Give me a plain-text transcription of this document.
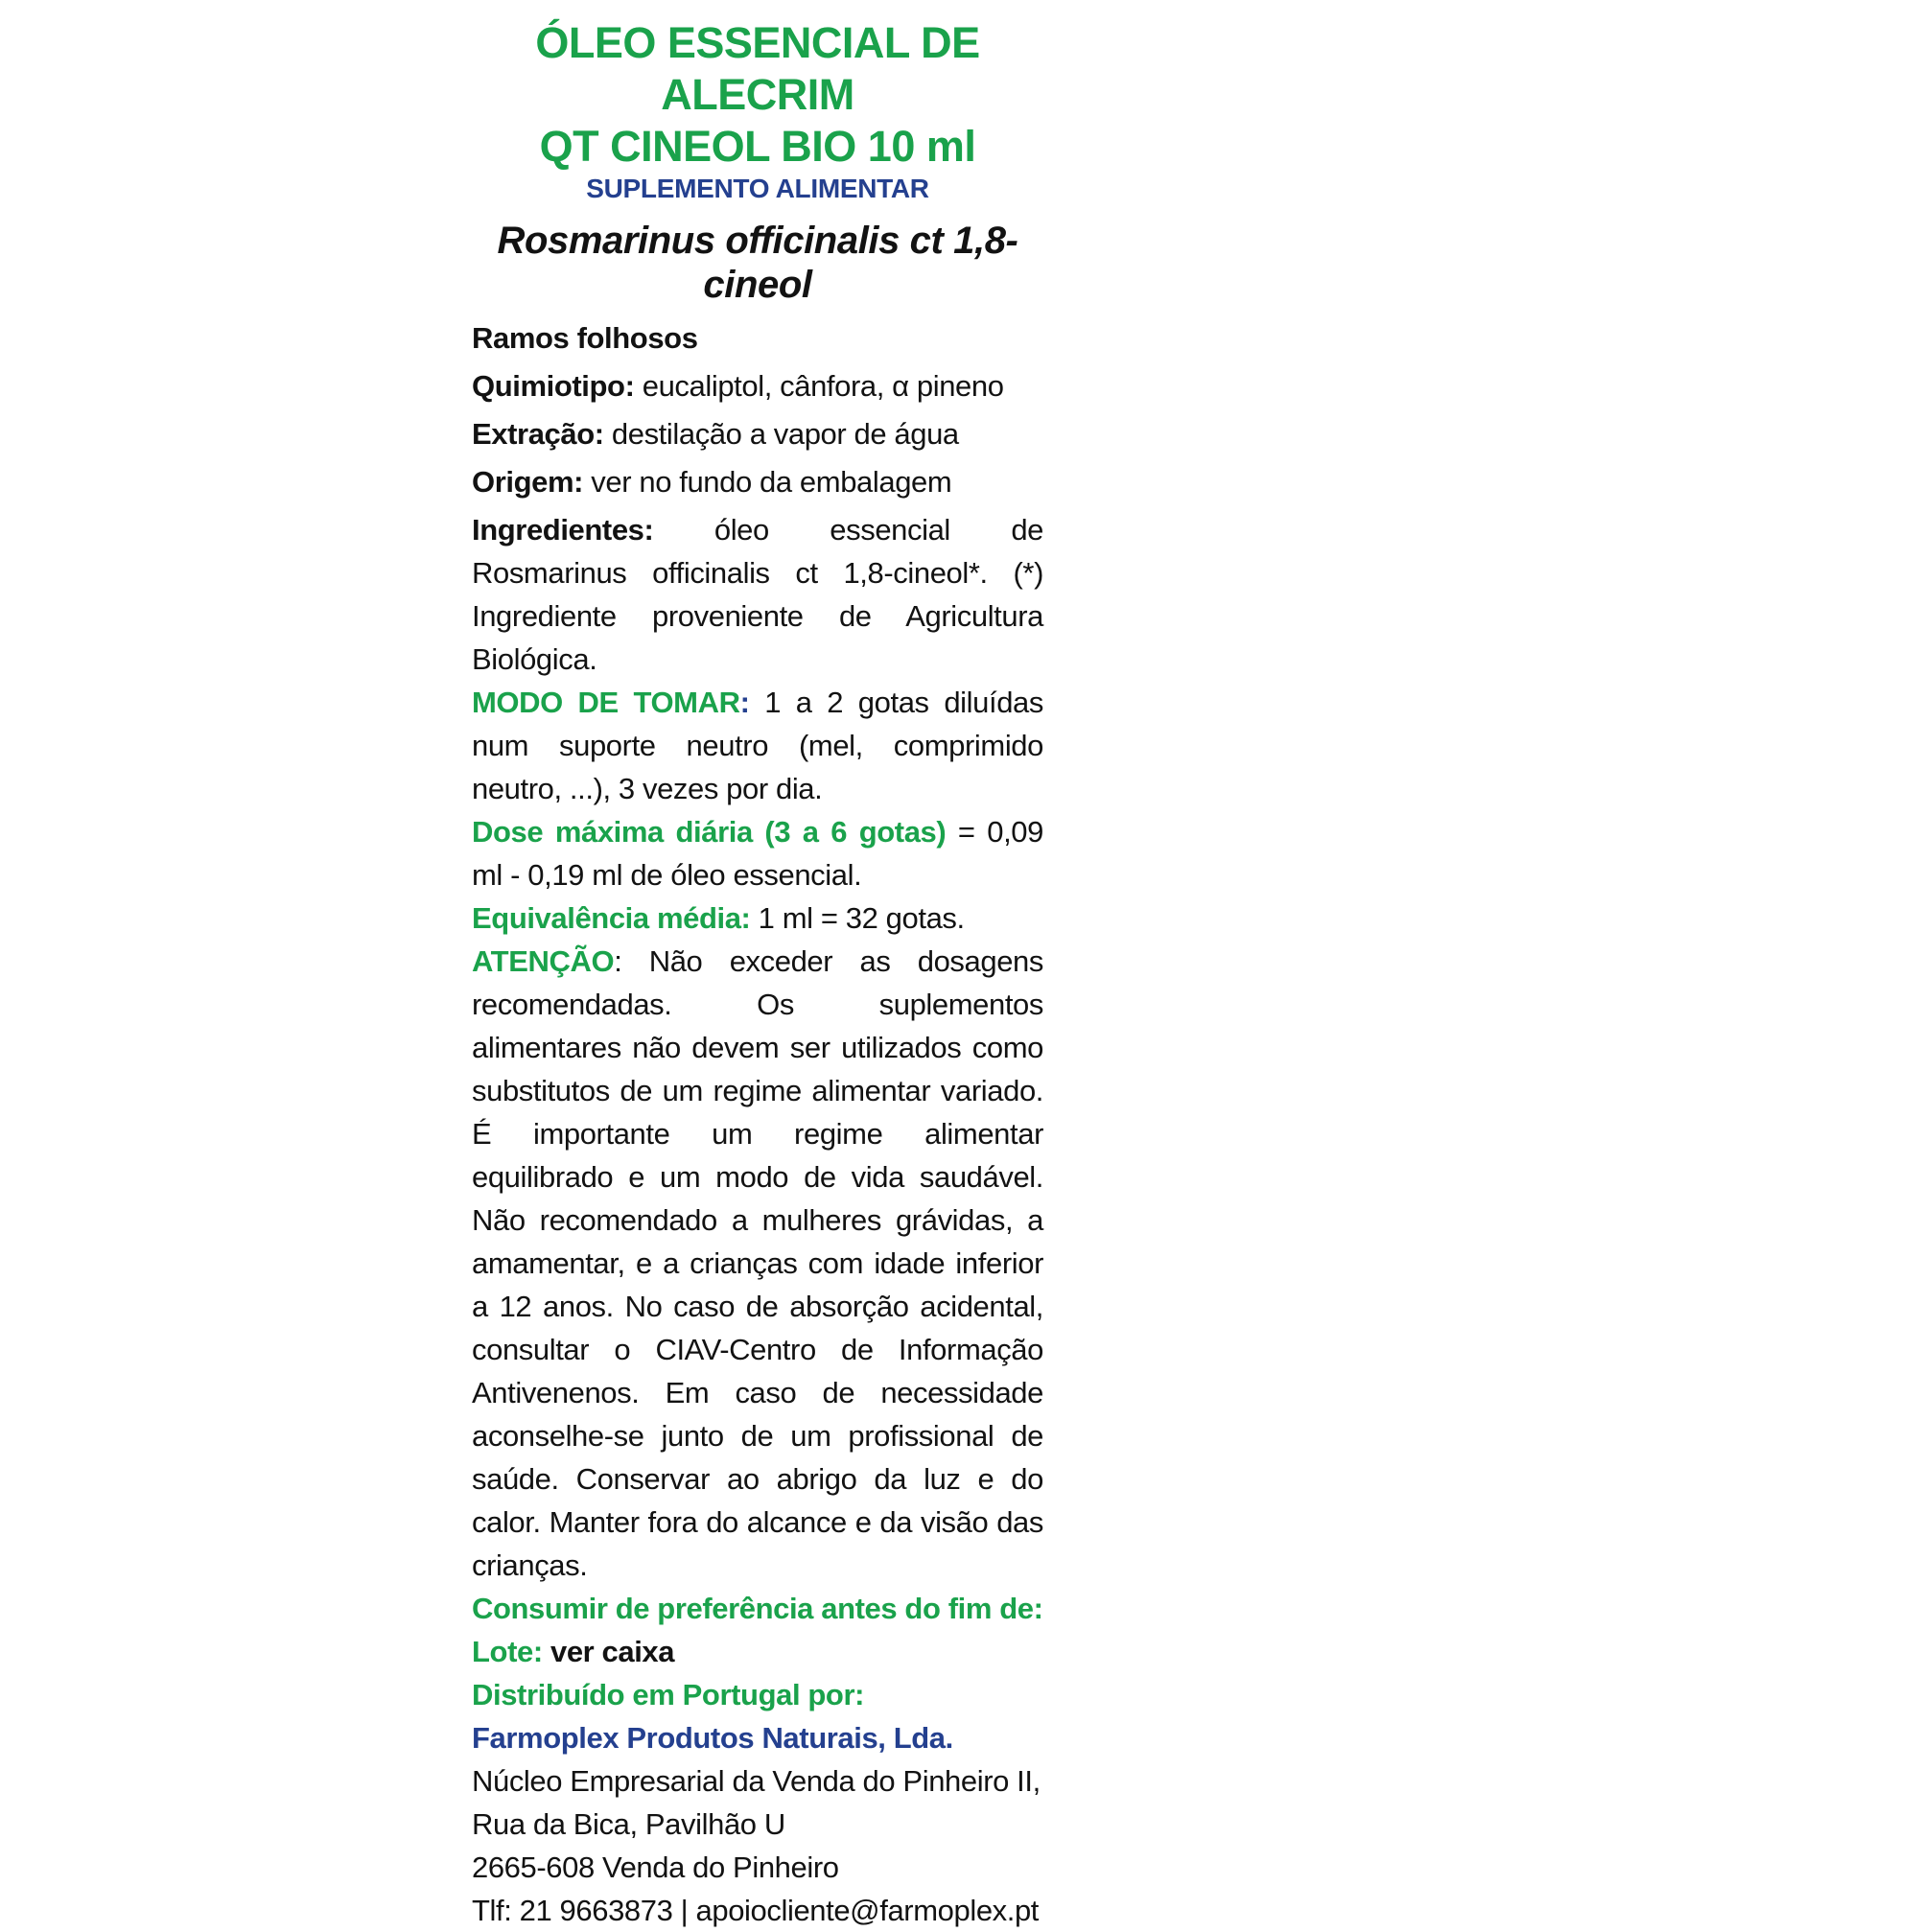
ÓLEO ESSENCIAL DE ALECRIM

QT CINEOL BIO 10 ml

SUPLEMENTO ALIMENTAR

Rosmarinus officinalis ct 1,8-cineol

Ramos folhosos

Quimiotipo: eucaliptol, cânfora, α pineno

Extração: destilação a vapor de água

Origem: ver no fundo da embalagem

Ingredientes: óleo essencial de Rosmarinus officinalis ct 1,8-cineol*. (*) Ingrediente proveniente de Agricultura Biológica.

MODO DE TOMAR: 1 a 2 gotas diluídas num suporte neutro (mel, comprimido neutro, ...), 3 vezes por dia.

Dose máxima diária (3 a 6 gotas) = 0,09 ml - 0,19 ml de óleo essencial.

Equivalência média: 1 ml = 32 gotas.

ATENÇÃO: Não exceder as dosagens recomendadas. Os suplementos alimentares não devem ser utilizados como substitutos de um regime alimentar variado. É importante um regime alimentar equilibrado e um modo de vida saudável. Não recomendado a mulheres grávidas, a amamentar, e a crianças com idade inferior a 12 anos. No caso de absorção acidental, consultar o CIAV-Centro de Informação Antivenenos. Em caso de necessidade aconselhe-se junto de um profissional de saúde. Conservar ao abrigo da luz e do calor. Manter fora do alcance e da visão das crianças.

Consumir de preferência antes do fim de:

Lote: ver caixa

Distribuído em Portugal por:

Farmoplex Produtos Naturais, Lda.

Núcleo Empresarial da Venda do Pinheiro II,

Rua da Bica, Pavilhão U

2665-608 Venda do Pinheiro

Tlf: 21 9663873 | apoiocliente@farmoplex.pt
